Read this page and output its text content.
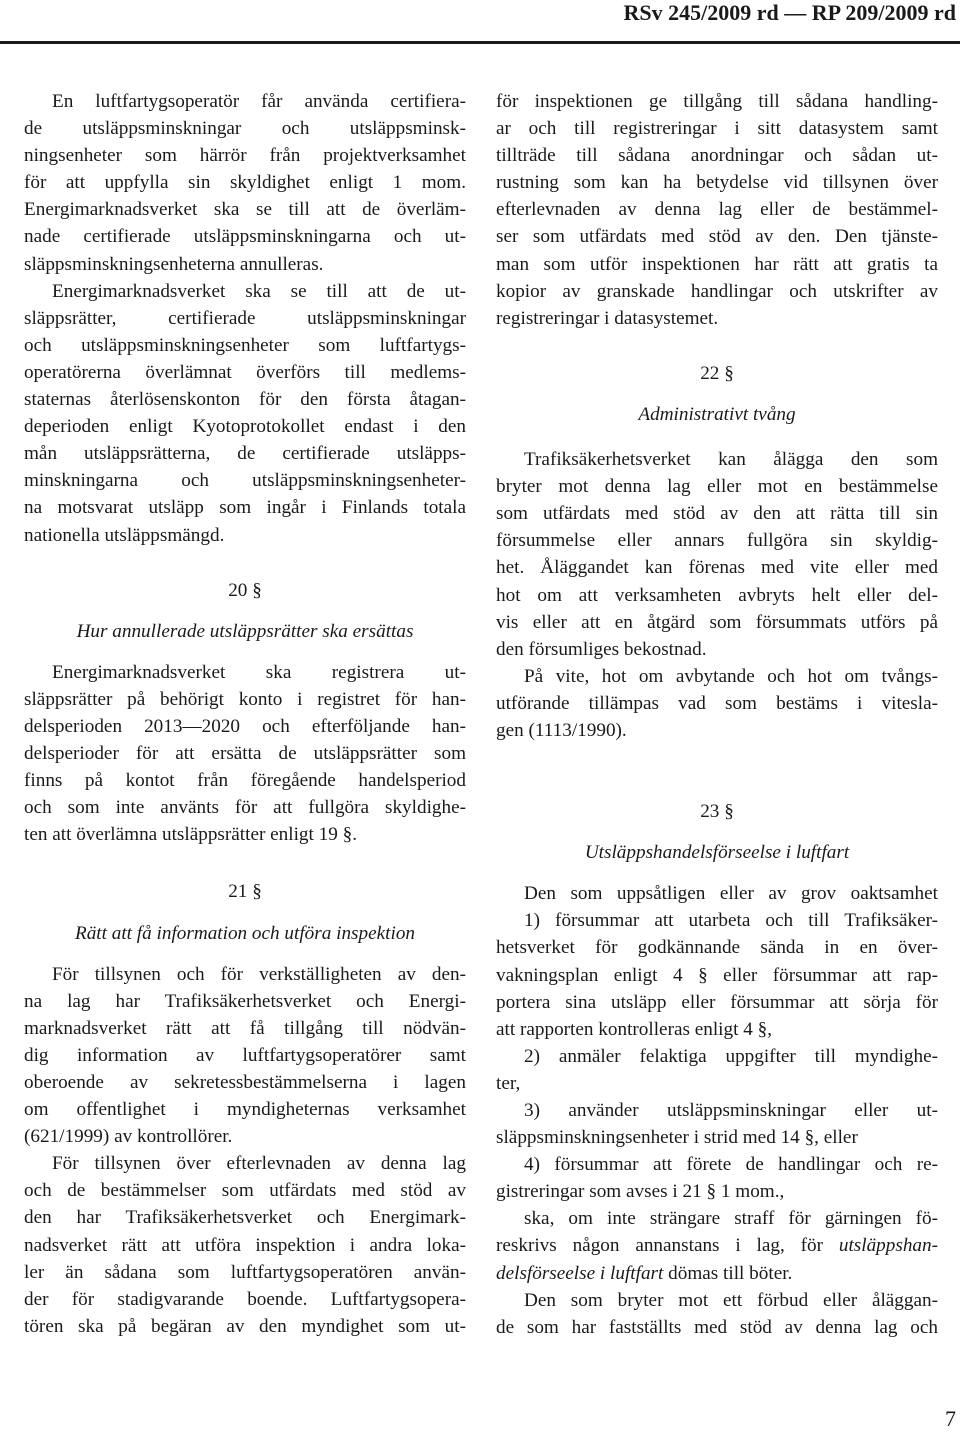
RSv 245/2009 rd — RP 209/2009 rd
En luftfartygsoperatör får använda certifiera-
de utsläppsminskningar och utsläppsminsk-
ningsenheter som härrör från projektverksamhet
för att uppfylla sin skyldighet enligt 1 mom.
Energimarknadsverket ska se till att de överläm-
nade certifierade utsläppsminskningarna och ut-
släppsminskningsenheterna annulleras.
Energimarknadsverket ska se till att de ut-
släppsrätter, certifierade utsläppsminskningar
och utsläppsminskningsenheter som luftfartygs-
operatörerna överlämnat överförs till medlems-
staternas återlösenskonton för den första åtagan-
deperioden enligt Kyotoprotokollet endast i den
mån utsläppsrätterna, de certifierade utsläpps-
minskningarna och utsläppsminskningsenheter-
na motsvarat utsläpp som ingår i Finlands totala
nationella utsläppsmängd.
20 §
Hur annullerade utsläppsrätter ska ersättas
Energimarknadsverket ska registrera ut-
släppsrätter på behörigt konto i registret för han-
delsperioden 2013—2020 och efterföljande han-
delsperioder för att ersätta de utsläppsrätter som
finns på kontot från föregående handelsperiod
och som inte använts för att fullgöra skyldighe-
ten att överlämna utsläppsrätter enligt 19 §.
21 §
Rätt att få information och utföra inspektion
För tillsynen och för verkställigheten av den-
na lag har Trafiksäkerhetsverket och Energi-
marknadsverket rätt att få tillgång till nödvän-
dig information av luftfartygsoperatörer samt
oberoende av sekretessbestämmelserna i lagen
om offentlighet i myndigheternas verksamhet
(621/1999) av kontrollörer.
För tillsynen över efterlevnaden av denna lag
och de bestämmelser som utfärdats med stöd av
den har Trafiksäkerhetsverket och Energimark-
nadsverket rätt att utföra inspektion i andra loka-
ler än sådana som luftfartygsoperatören använ-
der för stadigvarande boende. Luftfartygsopera-
tören ska på begäran av den myndighet som ut-
för inspektionen ge tillgång till sådana handling-
ar och till registreringar i sitt datasystem samt
tillträde till sådana anordningar och sådan ut-
rustning som kan ha betydelse vid tillsynen över
efterlevnaden av denna lag eller de bestämmel-
ser som utfärdats med stöd av den. Den tjänste-
man som utför inspektionen har rätt att gratis ta
kopior av granskade handlingar och utskrifter av
registreringar i datasystemet.
22 §
Administrativt tvång
Trafiksäkerhetsverket kan ålägga den som
bryter mot denna lag eller mot en bestämmelse
som utfärdats med stöd av den att rätta till sin
försummelse eller annars fullgöra sin skyldig-
het. Åläggandet kan förenas med vite eller med
hot om att verksamheten avbryts helt eller del-
vis eller att en åtgärd som försummats utförs på
den försumliges bekostnad.
På vite, hot om avbytande och hot om tvångs-
utförande tillämpas vad som bestäms i vitesla-
gen (1113/1990).
23 §
Utsläppshandelsförseelse i luftfart
Den som uppsåtligen eller av grov oaktsamhet
1) försummar att utarbeta och till Trafiksäker-
hetsverket för godkännande sända in en över-
vakningsplan enligt 4 § eller försummar att rap-
portera sina utsläpp eller försummar att sörja för
att rapporten kontrolleras enligt 4 §,
2) anmäler felaktiga uppgifter till myndighe-
ter,
3) använder utsläppsminskningar eller ut-
släppsminskningsenheter i strid med 14 §, eller
4) försummar att förete de handlingar och re-
gistreringar som avses i 21 § 1 mom.,
ska, om inte strängare straff för gärningen fö-
reskrivs någon annanstans i lag, för utsläppshan-
delsförseelse i luftfart dömas till böter.
Den som bryter mot ett förbud eller åläggan-
de som har fastställts med stöd av denna lag och
7
